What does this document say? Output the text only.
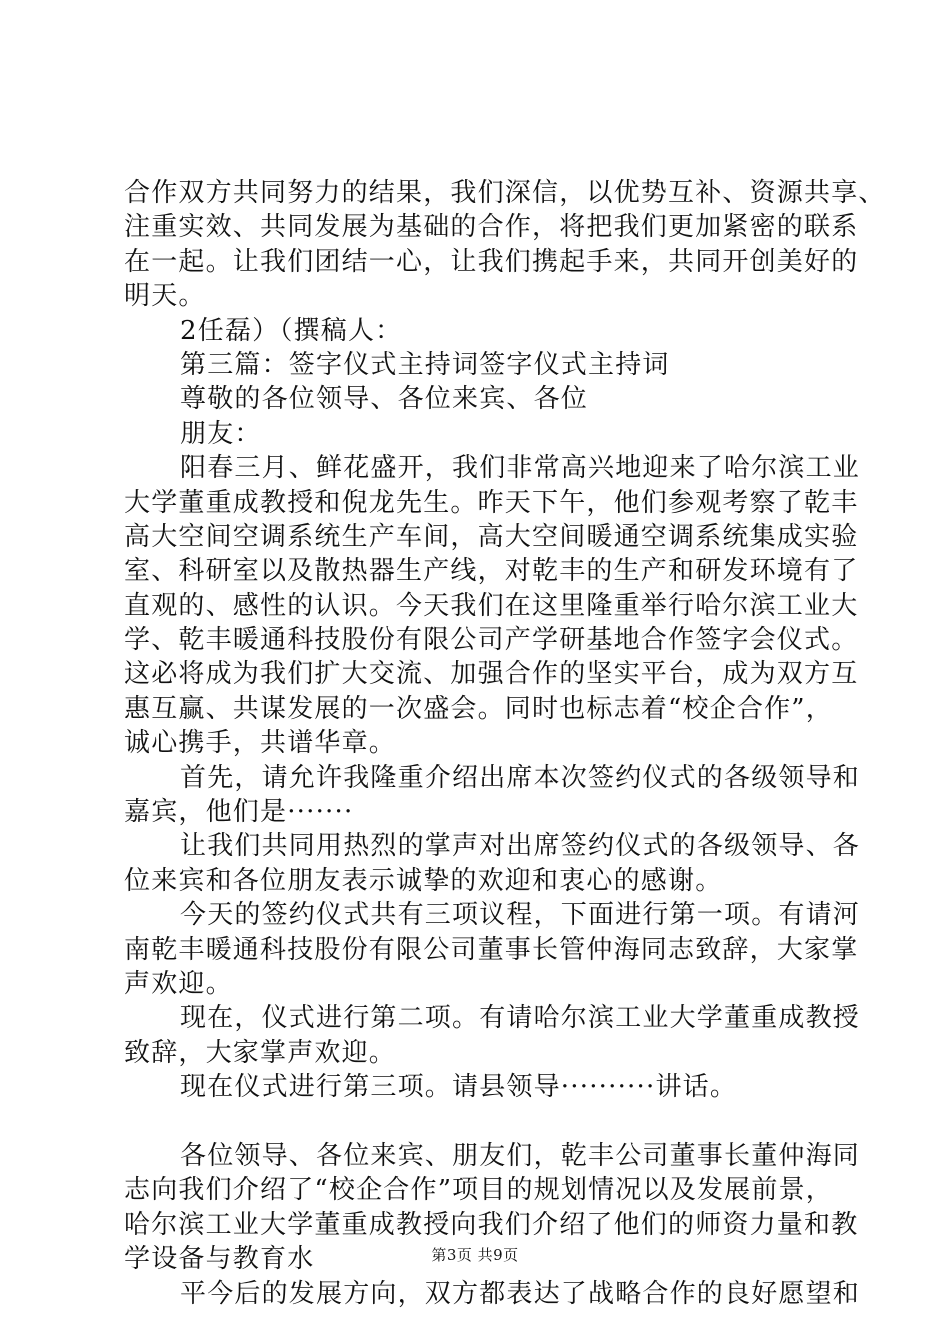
合作双方共同努力的结果，我们深信，以优势互补、资源共享、
注重实效、共同发展为基础的合作，将把我们更加紧密的联系
在一起。让我们团结一心，让我们携起手来，共同开创美好的
明天。
2任磊）（撰稿人：
第三篇：签字仪式主持词签字仪式主持词
尊敬的各位领导、各位来宾、各位
朋友：
阳春三月、鲜花盛开，我们非常高兴地迎来了哈尔滨工业
大学董重成教授和倪龙先生。昨天下午，他们参观考察了乾丰
高大空间空调系统生产车间，高大空间暖通空调系统集成实验
室、科研室以及散热器生产线，对乾丰的生产和研发环境有了
直观的、感性的认识。今天我们在这里隆重举行哈尔滨工业大
学、乾丰暖通科技股份有限公司产学研基地合作签字会仪式。
这必将成为我们扩大交流、加强合作的坚实平台，成为双方互
惠互赢、共谋发展的一次盛会。同时也标志着“校企合作”，
诚心携手，共谱华章。
首先，请允许我隆重介绍出席本次签约仪式的各级领导和
嘉宾，他们是·······
让我们共同用热烈的掌声对出席签约仪式的各级领导、各
位来宾和各位朋友表示诚挚的欢迎和衷心的感谢。
今天的签约仪式共有三项议程，下面进行第一项。有请河
南乾丰暖通科技股份有限公司董事长管仲海同志致辞，大家掌
声欢迎。
现在，仪式进行第二项。有请哈尔滨工业大学董重成教授
致辞，大家掌声欢迎。
现在仪式进行第三项。请县领导··········讲话。
各位领导、各位来宾、朋友们，乾丰公司董事长董仲海同
志向我们介绍了“校企合作”项目的规划情况以及发展前景，
哈尔滨工业大学董重成教授向我们介绍了他们的师资力量和教
学设备与教育水
平今后的发展方向，双方都表达了战略合作的良好愿望和
第3页 共9页
